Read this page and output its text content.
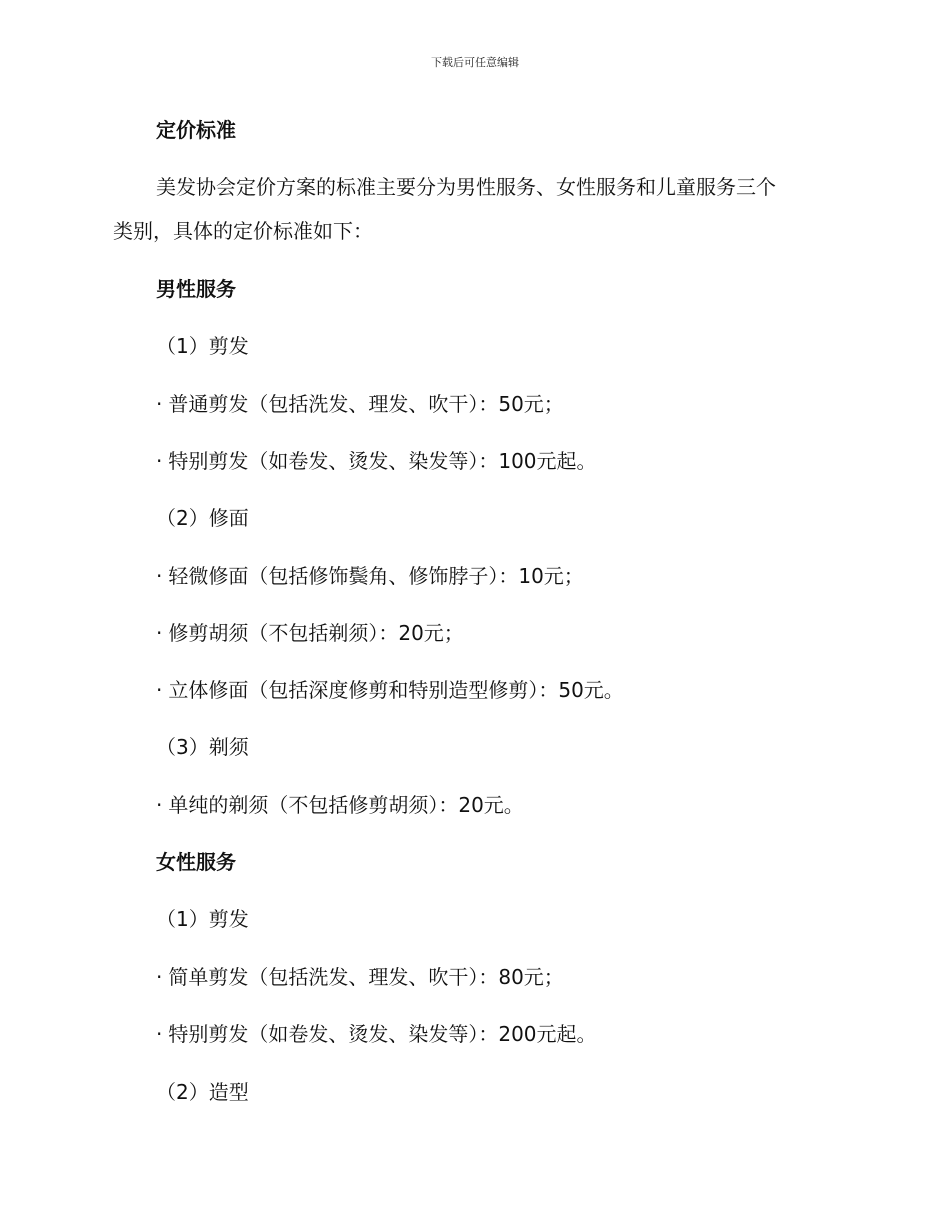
下载后可任意编辑
定价标准
美发协会定价方案的标准主要分为男性服务、女性服务和儿童服务三个
类别，具体的定价标准如下：
男性服务
（1）剪发
· 普通剪发（包括洗发、理发、吹干）：50元；
· 特别剪发（如卷发、烫发、染发等）：100元起。
（2）修面
· 轻微修面（包括修饰鬓角、修饰脖子）：10元；
· 修剪胡须（不包括剃须）：20元；
· 立体修面（包括深度修剪和特别造型修剪）：50元。
（3）剃须
· 单纯的剃须（不包括修剪胡须）：20元。
女性服务
（1）剪发
· 简单剪发（包括洗发、理发、吹干）：80元；
· 特别剪发（如卷发、烫发、染发等）：200元起。
（2）造型
